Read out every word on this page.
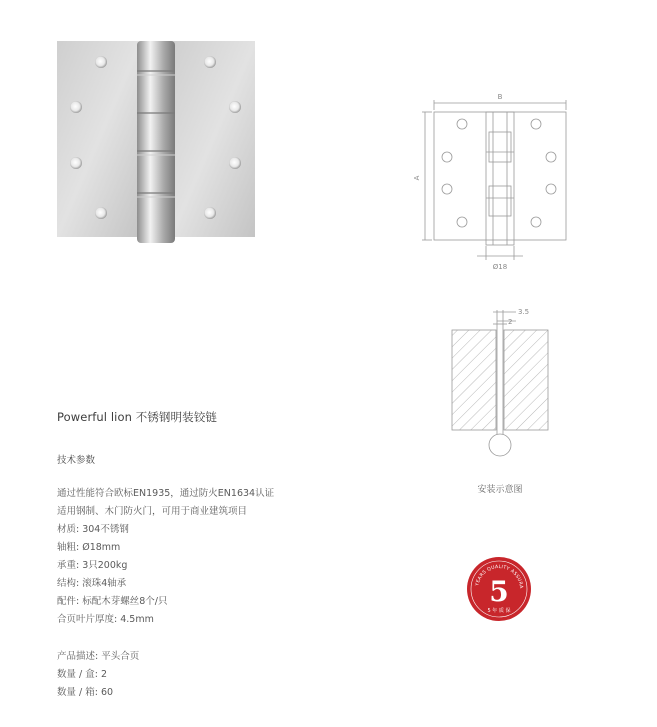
B
A
Ø18
3.5
2
安装示意图
Powerful lion 不锈钢明装铰链
技术参数
通过性能符合欧标EN1935，通过防火EN1634认证
适用钢制、木门防火门，可用于商业建筑项目
材质: 304不锈钢
轴粗: Ø18mm
承重: 3只200kg
结构: 滚珠4轴承
配件: 标配木芽螺丝8个/只
合页叶片厚度: 4.5mm
产品描述: 平头合页
数量 / 盒: 2
数量 / 箱: 60
YEARS QUALITY ASSURA
5
5 年 质 保
